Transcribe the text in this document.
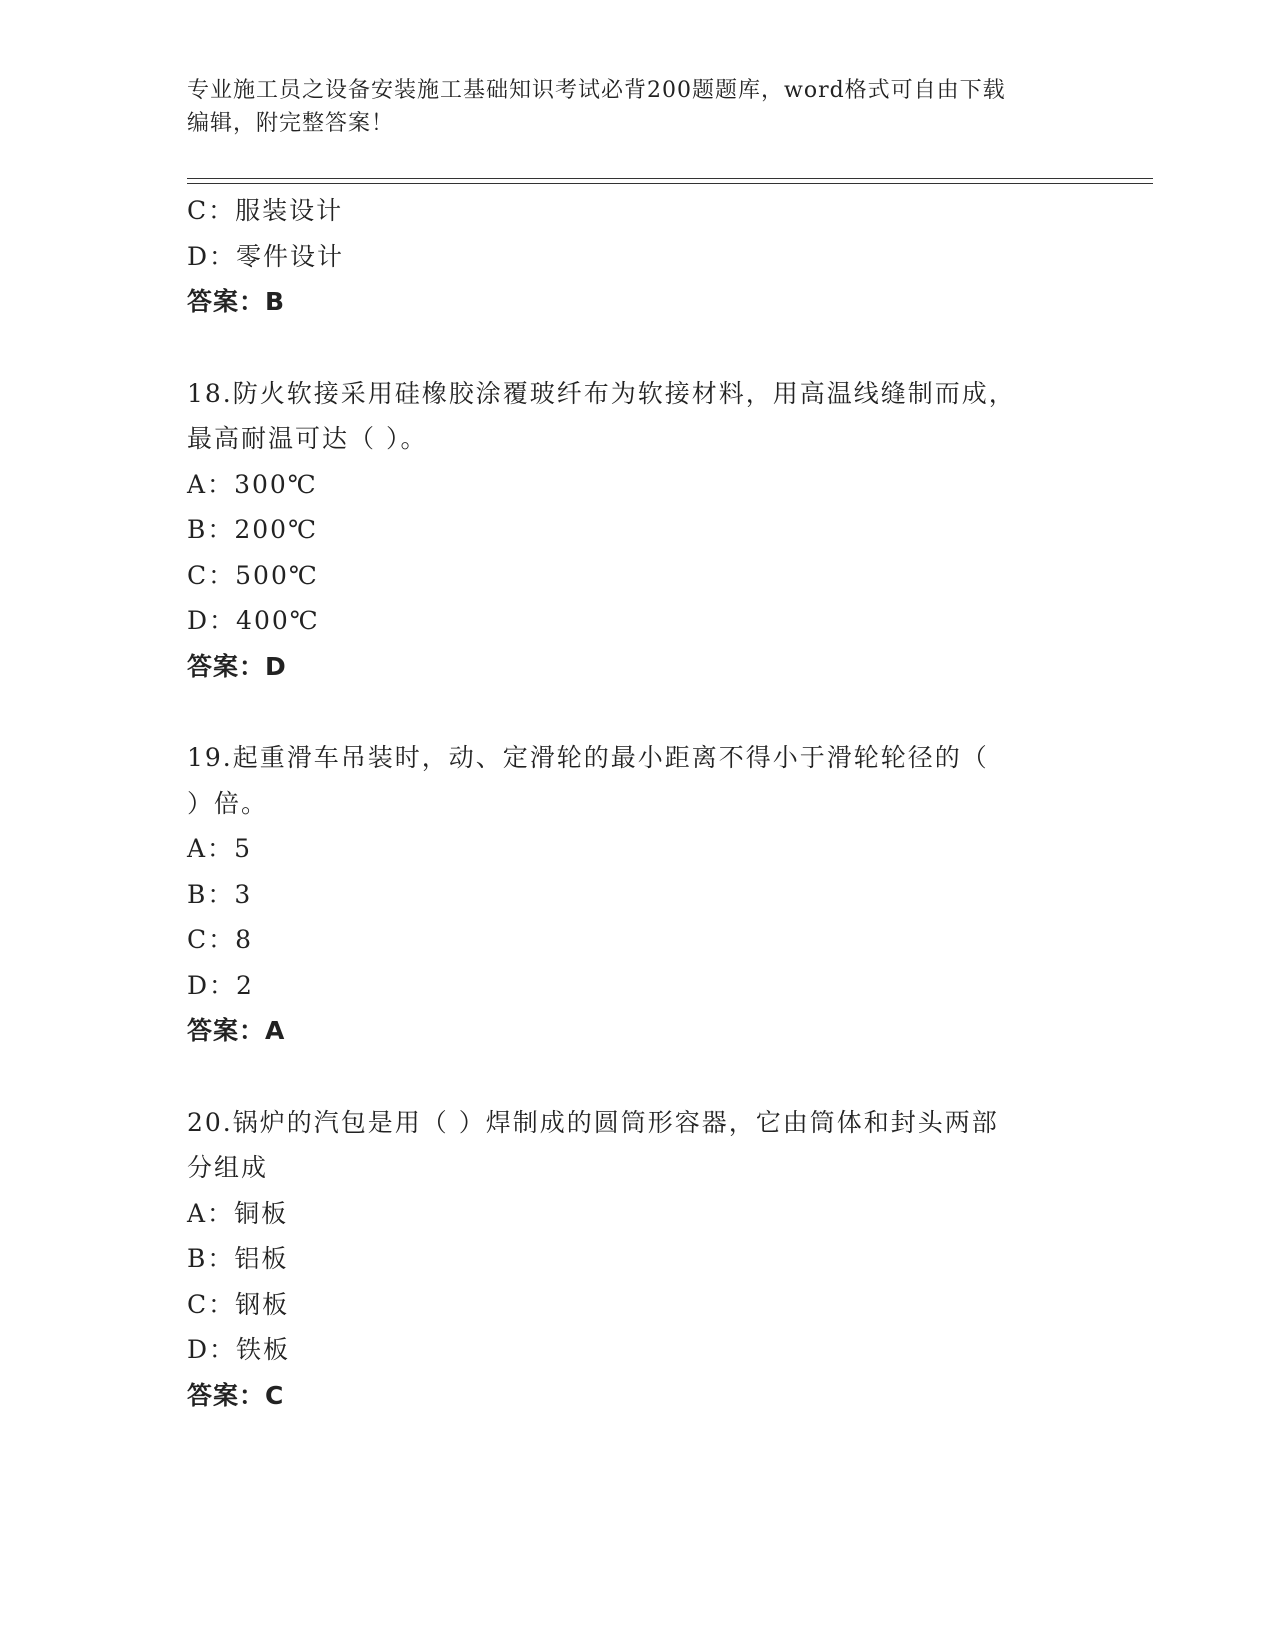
专业施工员之设备安装施工基础知识考试必背200题题库，word格式可自由下载
编辑，附完整答案！
C：服装设计
D：零件设计
答案：B
18.防火软接采用硅橡胶涂覆玻纤布为软接材料，用高温线缝制而成，
最高耐温可达（ ）。
A：300℃
B：200℃
C：500℃
D：400℃
答案：D
19.起重滑车吊装时，动、定滑轮的最小距离不得小于滑轮轮径的（
）倍。
A：5
B：3
C：8
D：2
答案：A
20.锅炉的汽包是用（ ）焊制成的圆筒形容器，它由筒体和封头两部
分组成
A：铜板
B：铝板
C：钢板
D：铁板
答案：C
